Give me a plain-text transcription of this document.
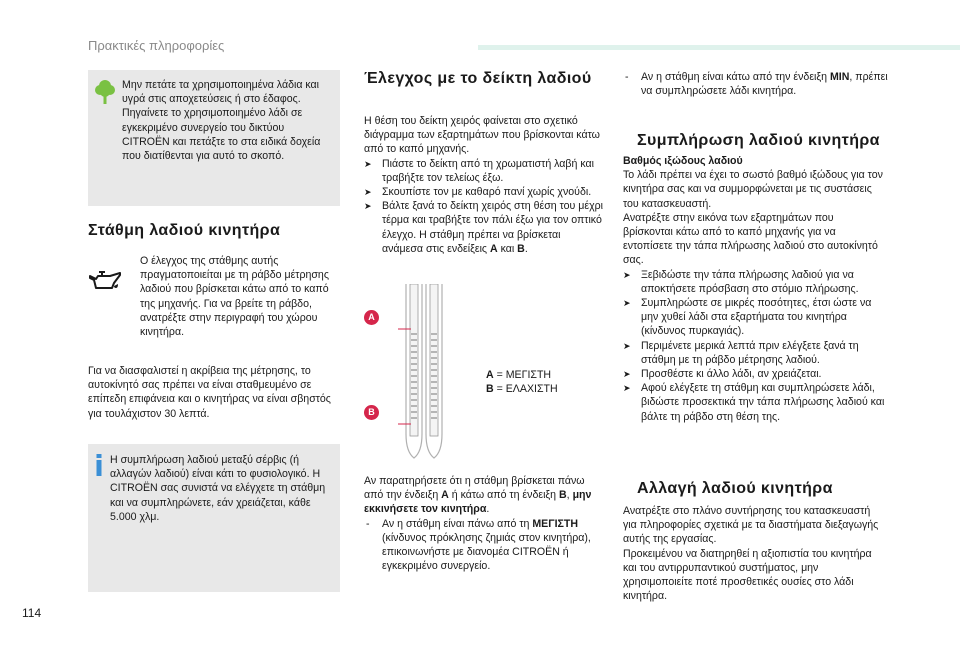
Πρακτικές πληροφορίες
114
Μην πετάτε τα χρησιμοποιημένα λάδια και υγρά στις αποχετεύσεις ή στο έδαφος. Πηγαίνετε το χρησιμοποιημένο λάδι σε εγκεκριμένο συνεργείο του δικτύου CITROËN και πετάξτε το στα ειδικά δοχεία που διατίθενται για αυτό το σκοπό.
Στάθμη λαδιού κινητήρα
Ο έλεγχος της στάθμης αυτής πραγματοποιείται με τη ράβδο μέτρησης λαδιού που βρίσκεται κάτω από το καπό της μηχανής. Για να βρείτε τη ράβδο, ανατρέξτε στην περιγραφή του χώρου κινητήρα.
Για να διασφαλιστεί η ακρίβεια της μέτρησης, το αυτοκίνητό σας πρέπει να είναι σταθμευμένο σε επίπεδη επιφάνεια και ο κινητήρας να είναι σβηστός για τουλάχιστον 30 λεπτά.
Η συμπλήρωση λαδιού μεταξύ σέρβις (ή αλλαγών λαδιού) είναι κάτι το φυσιολογικό. Η CITROËN σας συνιστά να ελέγχετε τη στάθμη και να συμπληρώνετε, εάν χρειάζεται, κάθε 5.000 χλμ.
Έλεγχος με το δείκτη λαδιού
Η θέση του δείκτη χειρός φαίνεται στο σχετικό διάγραμμα των εξαρτημάτων που βρίσκονται κάτω από το καπό μηχανής.
➤ Πιάστε το δείκτη από τη χρωματιστή λαβή και τραβήξτε τον τελείως έξω.
➤ Σκουπίστε τον με καθαρό πανί χωρίς χνούδι.
➤ Βάλτε ξανά το δείκτη χειρός στη θέση του μέχρι τέρμα και τραβήξτε τον πάλι έξω για τον οπτικό έλεγχο. Η στάθμη πρέπει να βρίσκεται ανάμεσα στις ενδείξεις A και B.
A
B
A = ΜΕΓΙΣΤΗ
B = ΕΛΑΧΙΣΤΗ
Αν παρατηρήσετε ότι η στάθμη βρίσκεται πάνω από την ένδειξη A ή κάτω από τη ένδειξη B, μην εκκινήσετε τον κινητήρα.
- Αν η στάθμη είναι πάνω από τη ΜΕΓΙΣΤΗ (κίνδυνος πρόκλησης ζημιάς στον κινητήρα), επικοινωνήστε με διανομέα CITROËN ή εγκεκριμένο συνεργείο.
- Αν η στάθμη είναι κάτω από την ένδειξη MIN, πρέπει να συμπληρώσετε λάδι κινητήρα.
Συμπλήρωση λαδιού κινητήρα
Βαθμός ιξώδους λαδιού
Το λάδι πρέπει να έχει το σωστό βαθμό ιξώδους για τον κινητήρα σας και να συμμορφώνεται με τις συστάσεις του κατασκευαστή.
Ανατρέξτε στην εικόνα των εξαρτημάτων που βρίσκονται κάτω από το καπό μηχανής για να εντοπίσετε την τάπα πλήρωσης λαδιού στο αυτοκίνητό σας.
➤ Ξεβιδώστε την τάπα πλήρωσης λαδιού για να αποκτήσετε πρόσβαση στο στόμιο πλήρωσης.
➤ Συμπληρώστε σε μικρές ποσότητες, έτσι ώστε να μην χυθεί λάδι στα εξαρτήματα του κινητήρα (κίνδυνος πυρκαγιάς).
➤ Περιμένετε μερικά λεπτά πριν ελέγξετε ξανά τη στάθμη με τη ράβδο μέτρησης λαδιού.
➤ Προσθέστε κι άλλο λάδι, αν χρειάζεται.
➤ Αφού ελέγξετε τη στάθμη και συμπληρώσετε λάδι, βιδώστε προσεκτικά την τάπα πλήρωσης λαδιού και βάλτε τη ράβδο στη θέση της.
Αλλαγή λαδιού κινητήρα
Ανατρέξτε στο πλάνο συντήρησης του κατασκευαστή για πληροφορίες σχετικά με τα διαστήματα διεξαγωγής αυτής της εργασίας.
Προκειμένου να διατηρηθεί η αξιοπιστία του κινητήρα και του αντιρρυπαντικού συστήματος, μην χρησιμοποιείτε ποτέ προσθετικές ουσίες στο λάδι κινητήρα.
